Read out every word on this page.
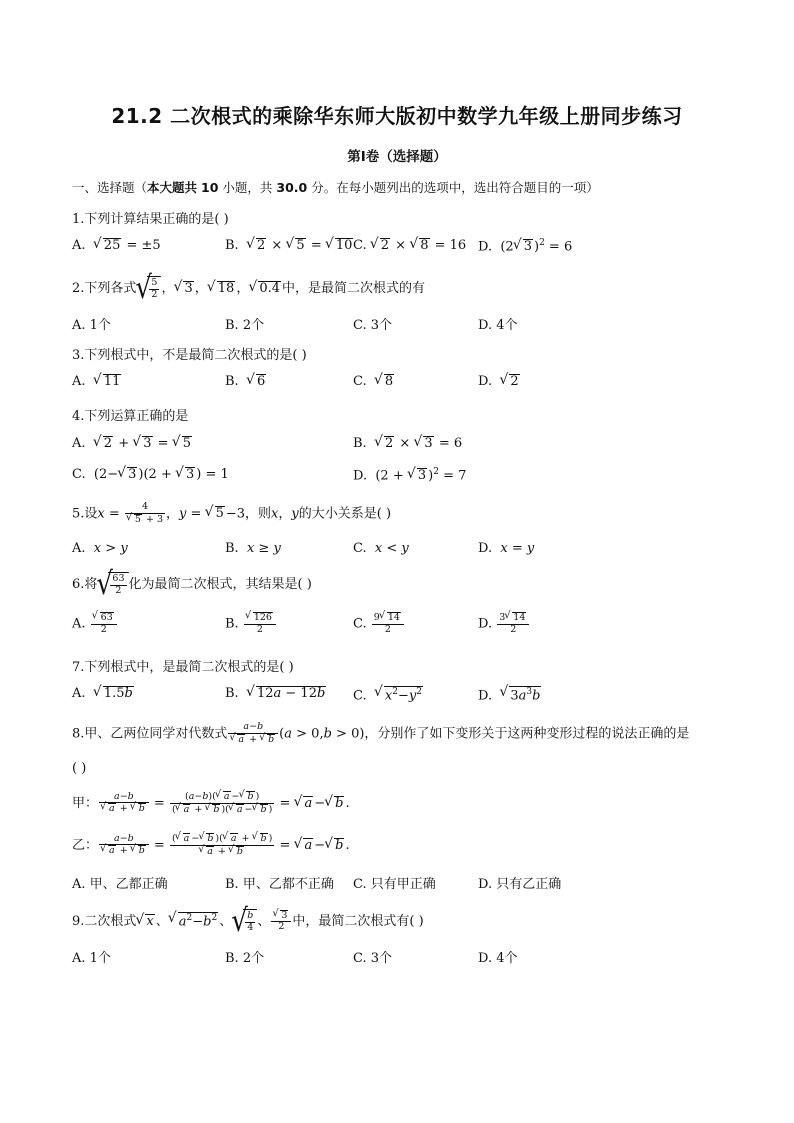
21.2 二次根式的乘除华东师大版初中数学九年级上册同步练习
第I卷（选择题）
一、选择题（本大题共 10 小题，共 30.0 分。在每小题列出的选项中，选出符合题目的一项）
1.下列计算结果正确的是( )
A. √ 25 = ±5	B. √ 2 × √ 5 = √ 10 C. √ 2 × √ 8 = 16 D.  (2 √ 3 )$^2$ = 6
2.下列各式 √ $\frac{5}{2}$ ， √ 3 ， √ 18 ， √ 0.4 中，是最简二次根式的有
A. 1个	B. 2个	C. 3个	D. 4个
3.下列根式中，不是最简二次根式的是( )
A. √ 11	B. √ 6	C. √ 8	D. √ 2
4.下列运算正确的是
A. √ 2 + √ 3 = √ 5	B. √ 2 × √ 3 = 6
C.  (2− √ 3 )(2 + √ 3 ) = 1	D.  (2 + √ 3 )$^2$ = 7
5.设x = 4
√ 5 + 3 ，y = √ 5 −3，则x，y的大小关系是( )
A. x > y	B. x ≥ y	C. x < y	D. x = y
6.将 √ $\frac{63}{2}$ 化为最简二次根式，其结果是( )
A. √ $\frac{63}{2}$	B. √ $\frac{126}{2}$	C. $\frac{9 √ 14}{2}$	D. $\frac{3 √ 14}{2}$
7.下列根式中，是最简二次根式的是( )
A. √ 1.5b	B. √ 12a − 12b C. √ $x^2-y^2$	D. √ $3a^3b$
8.甲、乙两位同学对代数式 a−b
√ a + √ b (a > 0,b > 0)，分别作了如下变形关于这两种变形过程的说法正确的是
( )
甲： a−b
√ a + √ $b = \frac{(a-b)( √ a - √ b )}{( √ a + √ b )( √ a - √ b )}$ = √ a − √ b .
乙： a−b
√ a + √ b = ( √ a − √ b )( √ a + √ b )
√ a + √ b = √ a − √ b .
A. 甲、乙都正确	B. 甲、乙都不正确 C. 只有甲正确	D. 只有乙正确
9.二次根式 √ x 、 √ $a^2-b^2$ 、 √ $\frac{b}{4}$ 、 √ $\frac{3}{2}$ 中，最简二次根式有( )
A. 1个	B. 2个	C. 3个	D. 4个
